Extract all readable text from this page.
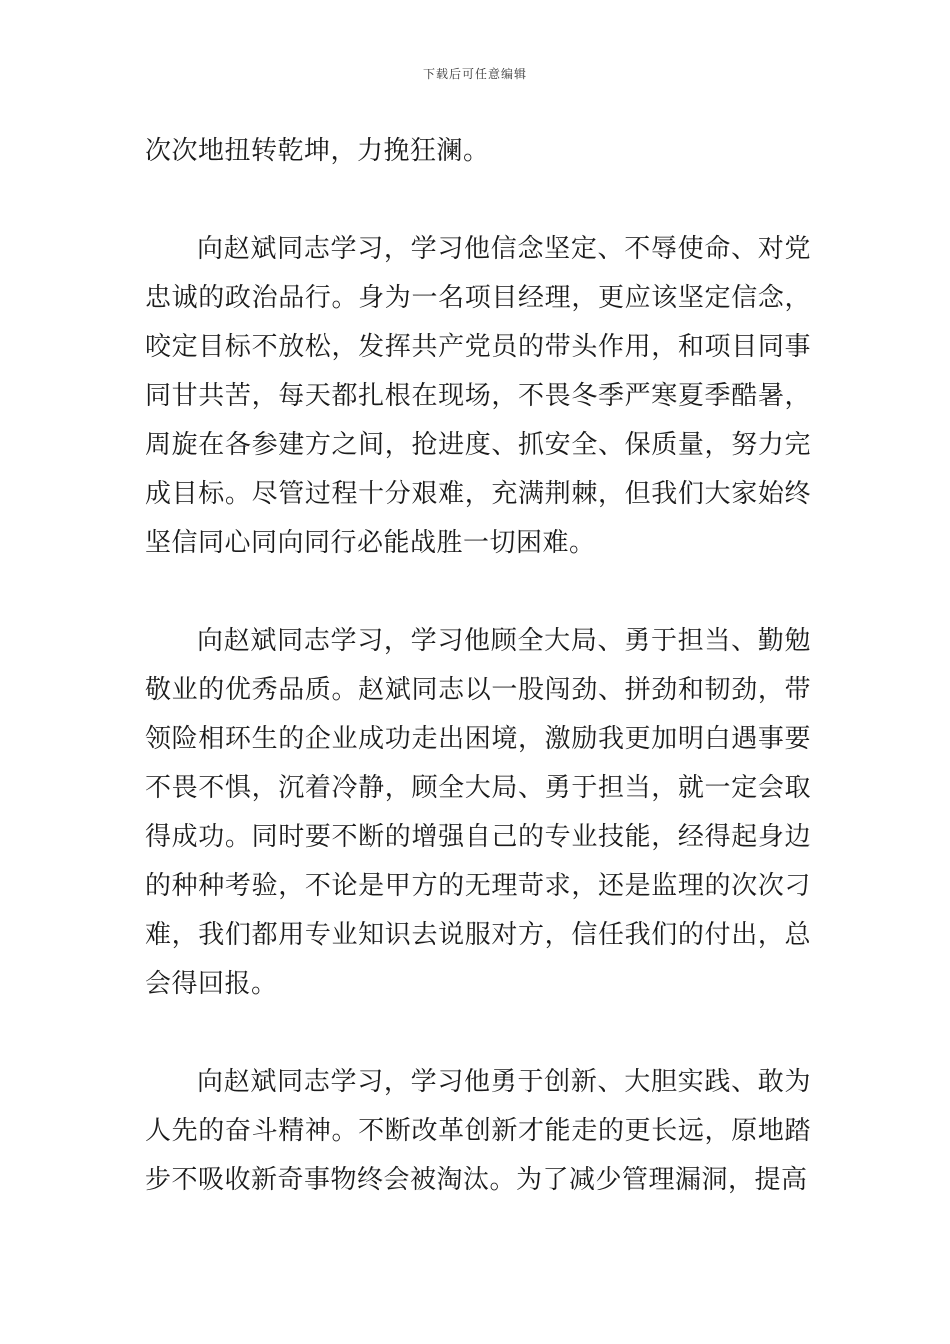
下载后可任意编辑

次次地扭转乾坤，力挽狂澜。

向赵斌同志学习，学习他信念坚定、不辱使命、对党忠诚的政治品行。身为一名项目经理，更应该坚定信念，咬定目标不放松，发挥共产党员的带头作用，和项目同事同甘共苦，每天都扎根在现场，不畏冬季严寒夏季酷暑，周旋在各参建方之间，抢进度、抓安全、保质量，努力完成目标。尽管过程十分艰难，充满荆棘，但我们大家始终坚信同心同向同行必能战胜一切困难。

向赵斌同志学习，学习他顾全大局、勇于担当、勤勉敬业的优秀品质。赵斌同志以一股闯劲、拼劲和韧劲，带领险相环生的企业成功走出困境，激励我更加明白遇事要不畏不惧，沉着冷静，顾全大局、勇于担当，就一定会取得成功。同时要不断的增强自己的专业技能，经得起身边的种种考验，不论是甲方的无理苛求，还是监理的次次刁难，我们都用专业知识去说服对方，信任我们的付出，总会得回报。

向赵斌同志学习，学习他勇于创新、大胆实践、敢为人先的奋斗精神。不断改革创新才能走的更长远，原地踏步不吸收新奇事物终会被淘汰。为了减少管理漏洞，提高
